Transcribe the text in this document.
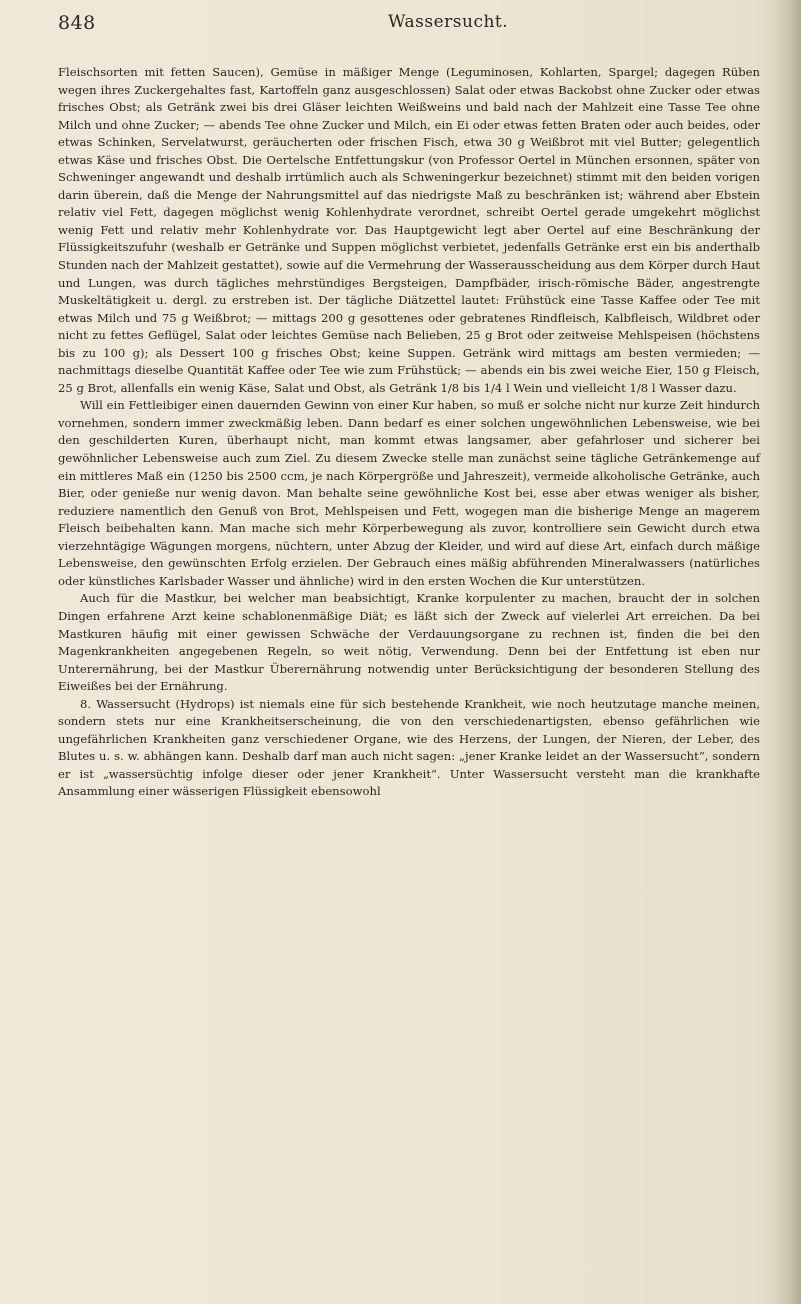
848	Wassersucht.

Fleischsorten mit fetten Saucen), Gemüse in mäßiger Menge (Leguminosen, Kohlarten, Spargel; dagegen Rüben wegen ihres Zuckergehaltes fast, Kartoffeln ganz ausgeschlossen) Salat oder etwas Backobst ohne Zucker oder etwas frisches Obst; als Getränk zwei bis drei Gläser leichten Weißweins und bald nach der Mahlzeit eine Tasse Tee ohne Milch und ohne Zucker; — abends Tee ohne Zucker und Milch, ein Ei oder etwas fetten Braten oder auch beides, oder etwas Schinken, Servelatwurst, geräucherten oder frischen Fisch, etwa 30 g Weißbrot mit viel Butter; gelegentlich etwas Käse und frisches Obst. Die Oertelsche Entfettungskur (von Professor Oertel in München ersonnen, später von Schweninger angewandt und deshalb irrtümlich auch als Schweningerkur bezeichnet) stimmt mit den beiden vorigen darin überein, daß die Menge der Nahrungsmittel auf das niedrigste Maß zu beschränken ist; während aber Ebstein relativ viel Fett, dagegen möglichst wenig Kohlenhydrate verordnet, schreibt Oertel gerade umgekehrt möglichst wenig Fett und relativ mehr Kohlenhydrate vor. Das Hauptgewicht legt aber Oertel auf eine Beschränkung der Flüssigkeitszufuhr (weshalb er Getränke und Suppen möglichst verbietet, jedenfalls Getränke erst ein bis anderthalb Stunden nach der Mahlzeit gestattet), sowie auf die Vermehrung der Wasserausscheidung aus dem Körper durch Haut und Lungen, was durch tägliches mehrstündiges Bergsteigen, Dampfbäder, irisch-römische Bäder, angestrengte Muskeltätigkeit u. dergl. zu erstreben ist. Der tägliche Diätzettel lautet: Frühstück eine Tasse Kaffee oder Tee mit etwas Milch und 75 g Weißbrot; — mittags 200 g gesottenes oder gebratenes Rindfleisch, Kalbfleisch, Wildbret oder nicht zu fettes Geflügel, Salat oder leichtes Gemüse nach Belieben, 25 g Brot oder zeitweise Mehlspeisen (höchstens bis zu 100 g); als Dessert 100 g frisches Obst; keine Suppen. Getränk wird mittags am besten vermieden; — nachmittags dieselbe Quantität Kaffee oder Tee wie zum Frühstück; — abends ein bis zwei weiche Eier, 150 g Fleisch, 25 g Brot, allenfalls ein wenig Käse, Salat und Obst, als Getränk 1/8 bis 1/4 l Wein und vielleicht 1/8 l Wasser dazu.

Will ein Fettleibiger einen dauernden Gewinn von einer Kur haben, so muß er solche nicht nur kurze Zeit hindurch vornehmen, sondern immer zweckmäßig leben. Dann bedarf es einer solchen ungewöhnlichen Lebensweise, wie bei den geschilderten Kuren, überhaupt nicht, man kommt etwas langsamer, aber gefahrloser und sicherer bei gewöhnlicher Lebensweise auch zum Ziel. Zu diesem Zwecke stelle man zunächst seine tägliche Getränkemenge auf ein mittleres Maß ein (1250 bis 2500 ccm, je nach Körpergröße und Jahreszeit), vermeide alkoholische Getränke, auch Bier, oder genieße nur wenig davon. Man behalte seine gewöhnliche Kost bei, esse aber etwas weniger als bisher, reduziere namentlich den Genuß von Brot, Mehlspeisen und Fett, wogegen man die bisherige Menge an magerem Fleisch beibehalten kann. Man mache sich mehr Körperbewegung als zuvor, kontrolliere sein Gewicht durch etwa vierzehntägige Wägungen morgens, nüchtern, unter Abzug der Kleider, und wird auf diese Art, einfach durch mäßige Lebensweise, den gewünschten Erfolg erzielen. Der Gebrauch eines mäßig abführenden Mineralwassers (natürliches oder künstliches Karlsbader Wasser und ähnliche) wird in den ersten Wochen die Kur unterstützen.

Auch für die Mastkur, bei welcher man beabsichtigt, Kranke korpulenter zu machen, braucht der in solchen Dingen erfahrene Arzt keine schablonenmäßige Diät; es läßt sich der Zweck auf vielerlei Art erreichen. Da bei Mastkuren häufig mit einer gewissen Schwäche der Verdauungsorgane zu rechnen ist, finden die bei den Magenkrankheiten angegebenen Regeln, so weit nötig, Verwendung. Denn bei der Entfettung ist eben nur Unterernährung, bei der Mastkur Überernährung notwendig unter Berücksichtigung der besonderen Stellung des Eiweißes bei der Ernährung.

8. Wassersucht (Hydrops) ist niemals eine für sich bestehende Krankheit, wie noch heutzutage manche meinen, sondern stets nur eine Krankheitserscheinung, die von den verschiedenartigsten, ebenso gefährlichen wie ungefährlichen Krankheiten ganz verschiedener Organe, wie des Herzens, der Lungen, der Nieren, der Leber, des Blutes u. s. w. abhängen kann. Deshalb darf man auch nicht sagen: „jener Kranke leidet an der Wassersucht“, sondern er ist „wassersüchtig infolge dieser oder jener Krankheit“. Unter Wassersucht versteht man die krankhafte Ansammlung einer wässerigen Flüssigkeit ebensowohl
